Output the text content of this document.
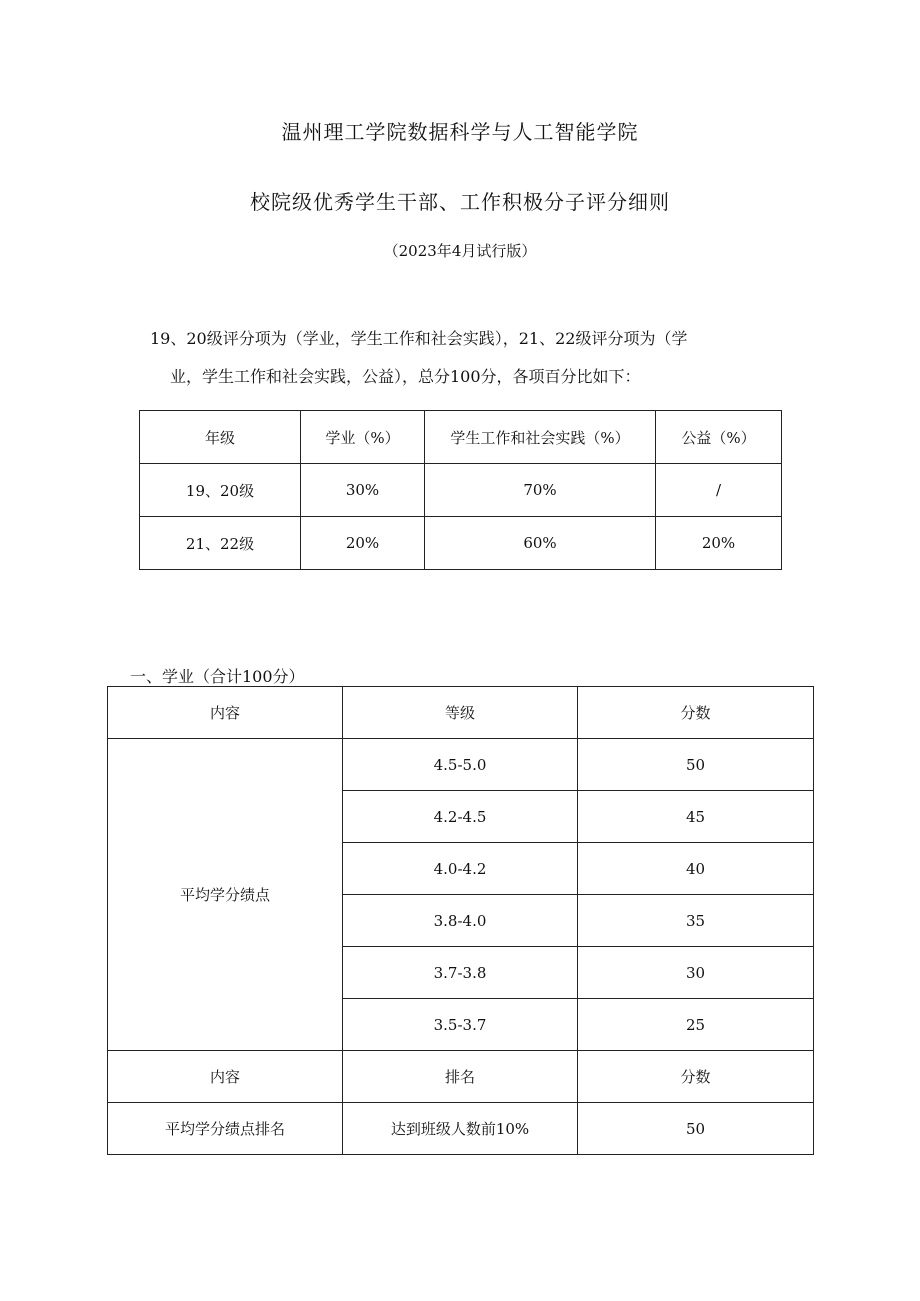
温州理工学院数据科学与人工智能学院
校院级优秀学生干部、工作积极分子评分细则
（2023年4月试行版）
19、20级评分项为（学业，学生工作和社会实践），21、22级评分项为（学
业，学生工作和社会实践，公益），总分100分，各项百分比如下：
年级	学业（%）	学生工作和社会实践（%）	公益（%）
19、20级	30%	70%	/
21、22级	20%	60%	20%
一、学业（合计100分）
内容	等级	分数
平均学分绩点	4.5-5.0	50
	4.2-4.5	45
	4.0-4.2	40
	3.8-4.0	35
	3.7-3.8	30
	3.5-3.7	25
内容	排名	分数
平均学分绩点排名	达到班级人数前10%	50
